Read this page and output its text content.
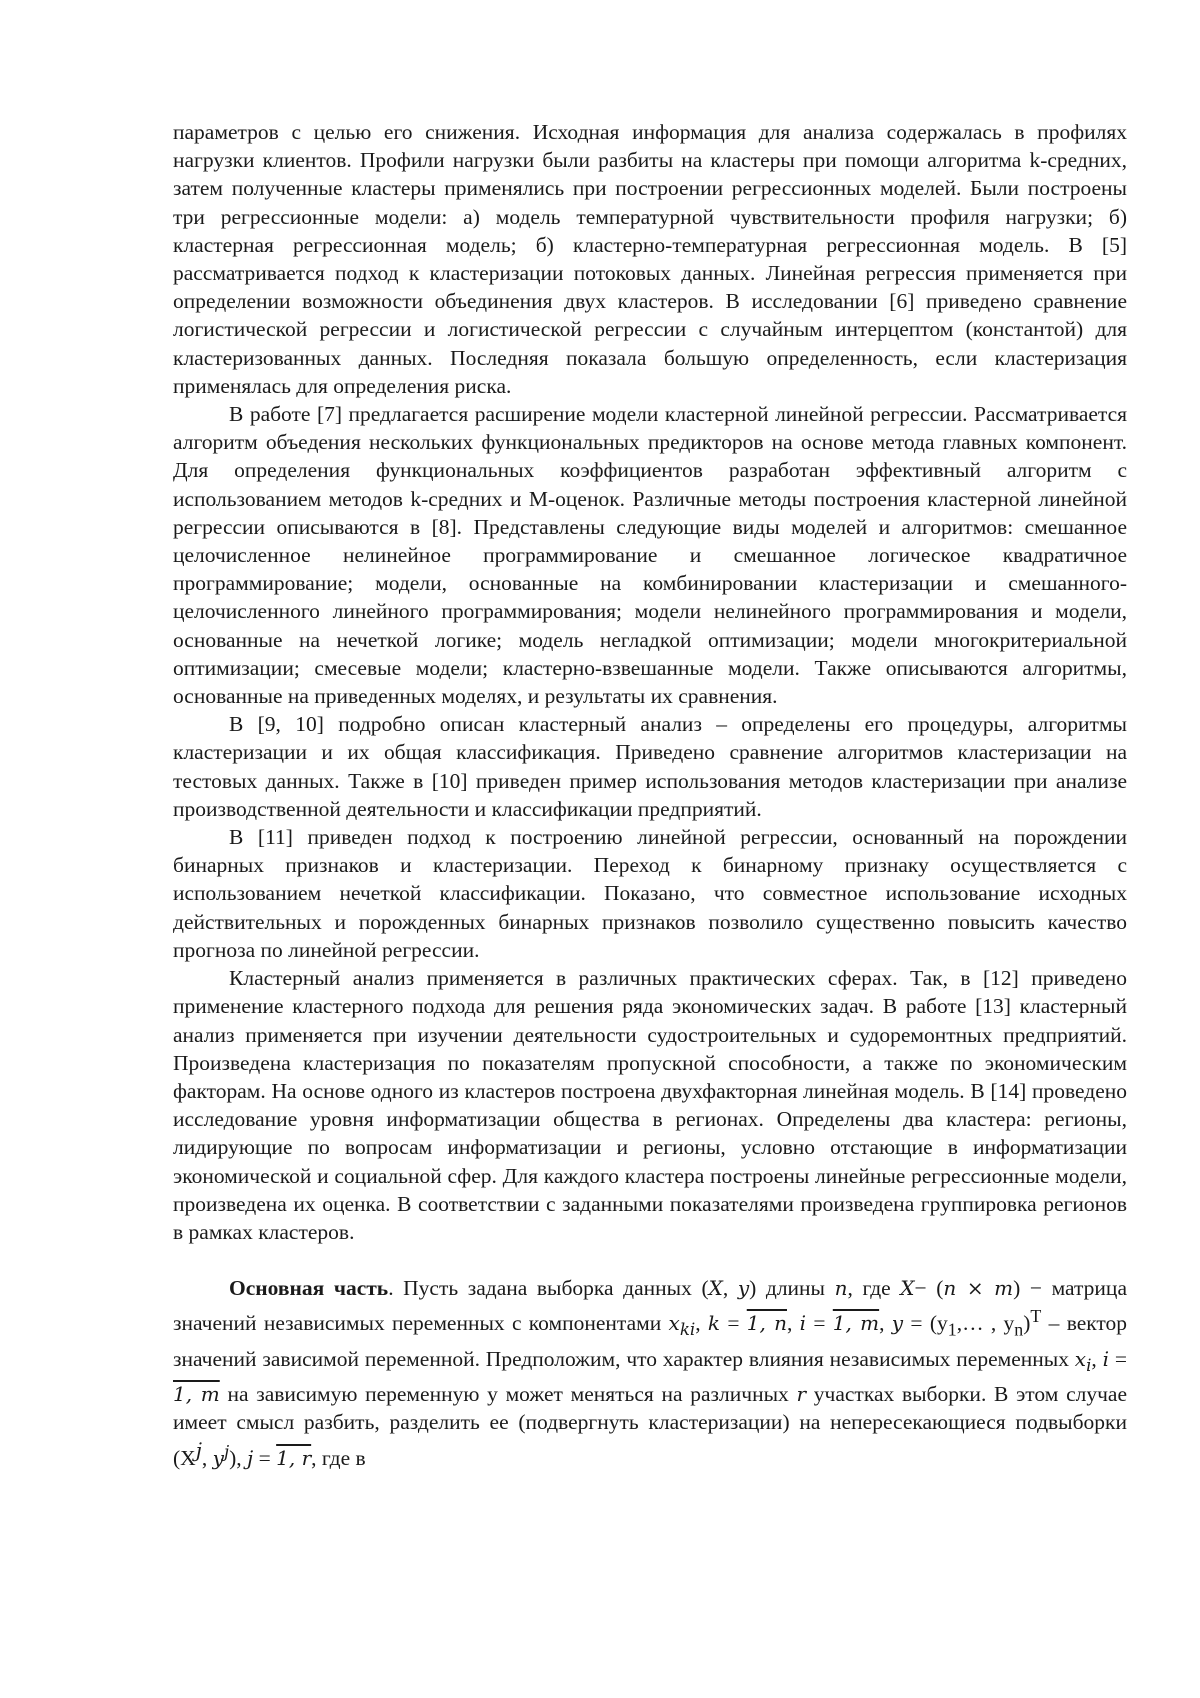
параметров с целью его снижения. Исходная информация для анализа содержалась в профилях нагрузки клиентов. Профили нагрузки были разбиты на кластеры при помощи алгоритма k-средних, затем полученные кластеры применялись при построении регрессионных моделей. Были построены три регрессионные модели: а) модель температурной чувствительности профиля нагрузки; б) кластерная регрессионная модель; б) кластерно-температурная регрессионная модель. В [5] рассматривается подход к кластеризации потоковых данных. Линейная регрессия применяется при определении возможности объединения двух кластеров. В исследовании [6] приведено сравнение логистической регрессии и логистической регрессии с случайным интерцептом (константой) для кластеризованных данных. Последняя показала большую определенность, если кластеризация применялась для определения риска.

В работе [7] предлагается расширение модели кластерной линейной регрессии. Рассматривается алгоритм объедения нескольких функциональных предикторов на основе метода главных компонент. Для определения функциональных коэффициентов разработан эффективный алгоритм с использованием методов k-средних и M-оценок. Различные методы построения кластерной линейной регрессии описываются в [8]. Представлены следующие виды моделей и алгоритмов: смешанное целочисленное нелинейное программирование и смешанное логическое квадратичное программирование; модели, основанные на комбинировании кластеризации и смешанного-целочисленного линейного программирования; модели нелинейного программирования и модели, основанные на нечеткой логике; модель негладкой оптимизации; модели многокритериальной оптимизации; смесевые модели; кластерно-взвешанные модели. Также описываются алгоритмы, основанные на приведенных моделях, и результаты их сравнения.

В [9, 10] подробно описан кластерный анализ – определены его процедуры, алгоритмы кластеризации и их общая классификация. Приведено сравнение алгоритмов кластеризации на тестовых данных. Также в [10] приведен пример использования методов кластеризации при анализе производственной деятельности и классификации предприятий.

В [11] приведен подход к построению линейной регрессии, основанный на порождении бинарных признаков и кластеризации. Переход к бинарному признаку осуществляется с использованием нечеткой классификации. Показано, что совместное использование исходных действительных и порожденных бинарных признаков позволило существенно повысить качество прогноза по линейной регрессии.

Кластерный анализ применяется в различных практических сферах. Так, в [12] приведено применение кластерного подхода для решения ряда экономических задач. В работе [13] кластерный анализ применяется при изучении деятельности судостроительных и судоремонтных предприятий. Произведена кластеризация по показателям пропускной способности, а также по экономическим факторам. На основе одного из кластеров построена двухфакторная линейная модель. В [14] проведено исследование уровня информатизации общества в регионах. Определены два кластера: регионы, лидирующие по вопросам информатизации и регионы, условно отстающие в информатизации экономической и социальной сфер. Для каждого кластера построены линейные регрессионные модели, произведена их оценка. В соответствии с заданными показателями произведена группировка регионов в рамках кластеров.

Основная часть. Пусть задана выборка данных (X, y) длины n, где X− (n × m) − матрица значений независимых переменных с компонентами $x_{ki}$, k = 1, n, i = 1, m, $y = (y_1,\dots$ , $y_n)^T$ – вектор значений зависимой переменной. Предположим, что характер влияния независимых переменных $x_i$, i = 1, m на зависимую переменную y может меняться на различных r участках выборки. В этом случае имеет смысл разбить, разделить ее (подвергнуть кластеризации) на непересекающиеся подвыборки ($X^j$, $y^j$), j = 1, r, где в
